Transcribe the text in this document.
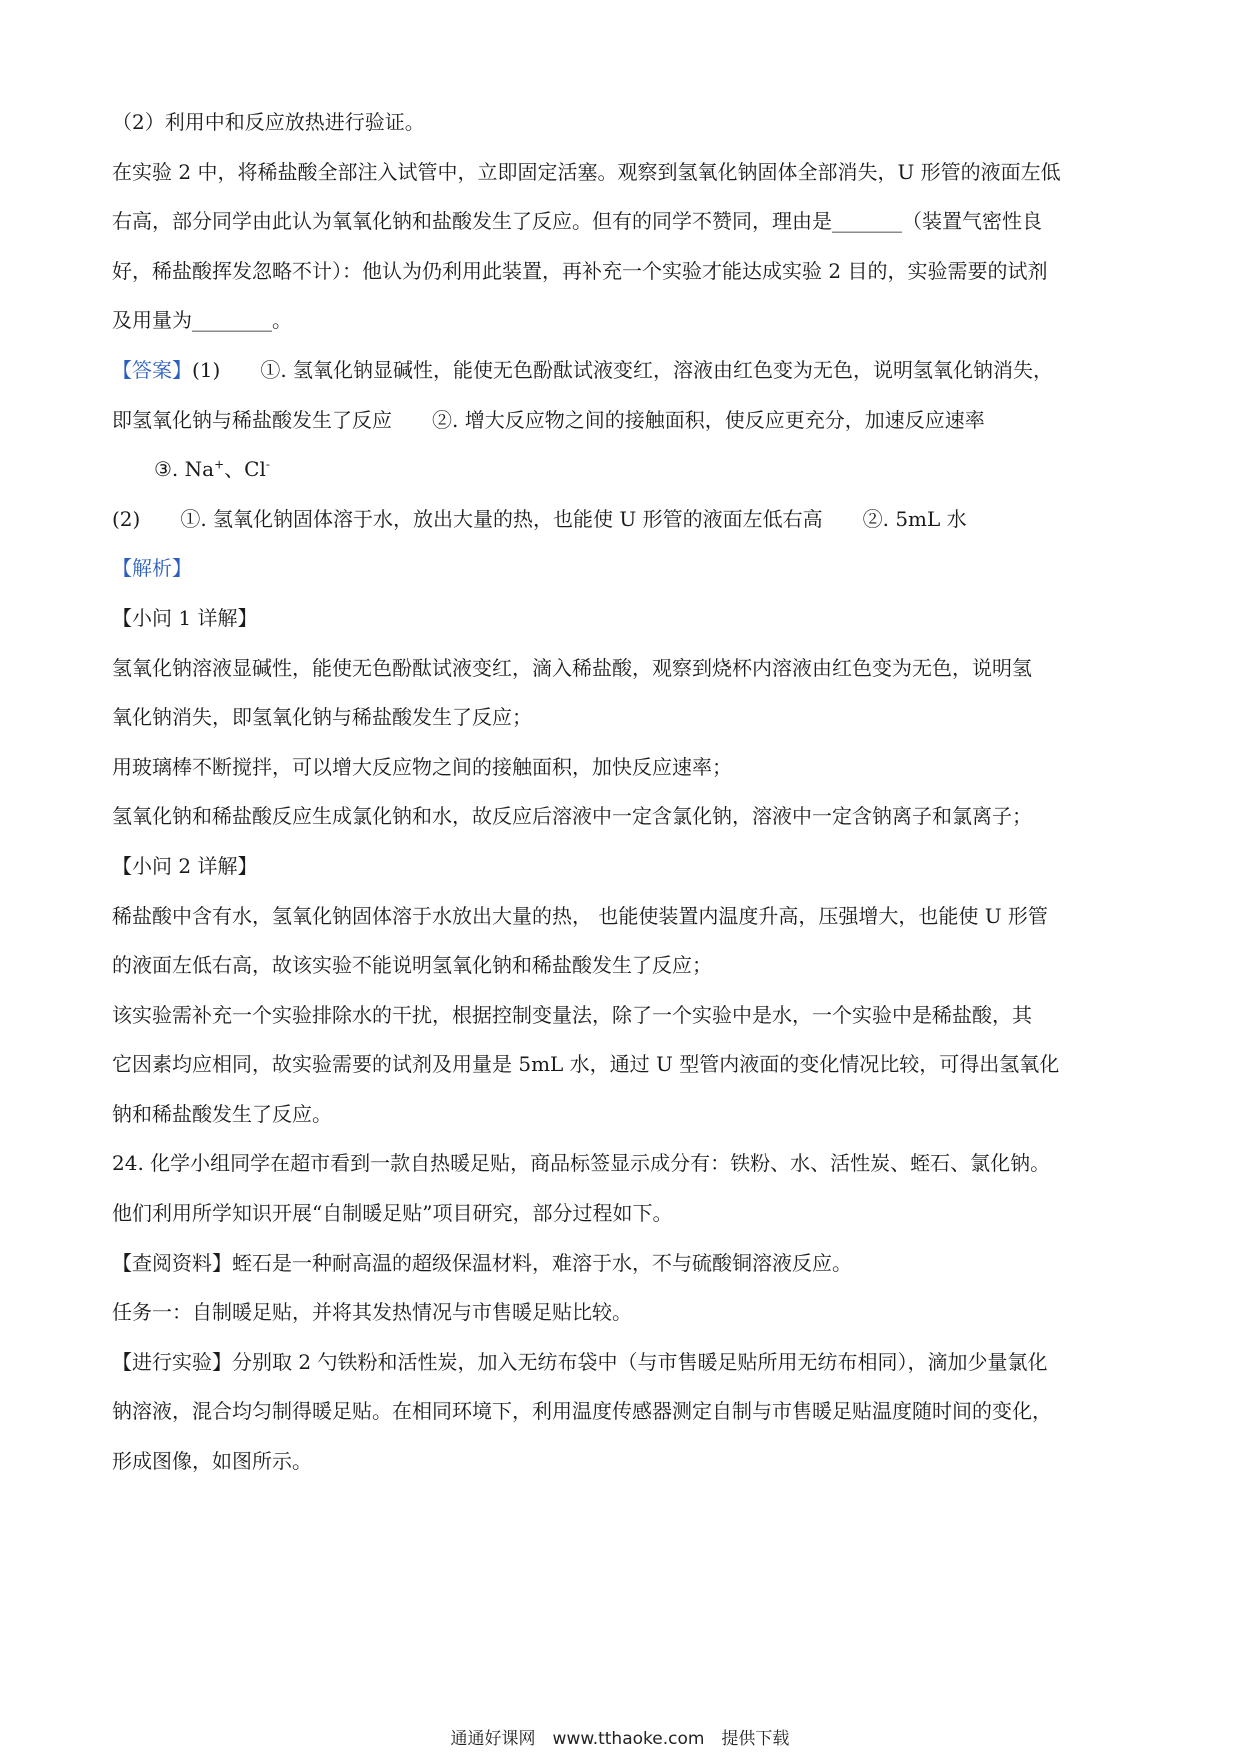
（2）利用中和反应放热进行验证。

在实验 2 中，将稀盐酸全部注入试管中，立即固定活塞。观察到氢氧化钠固体全部消失，U 形管的液面左低

右高，部分同学由此认为氧氧化钠和盐酸发生了反应。但有的同学不赞同，理由是_______（装置气密性良

好，稀盐酸挥发忽略不计）：他认为仍利用此装置，再补充一个实验才能达成实验 2 目的，实验需要的试剂

及用量为________。

【答案】(1)　　①. 氢氧化钠显碱性，能使无色酚酞试液变红，溶液由红色变为无色，说明氢氧化钠消失，

即氢氧化钠与稀盐酸发生了反应　　②. 增大反应物之间的接触面积，使反应更充分，加速反应速率

③. Na+、Cl-

(2)　　①. 氢氧化钠固体溶于水，放出大量的热，也能使 U 形管的液面左低右高　　②. 5mL 水

【解析】

【小问 1 详解】

氢氧化钠溶液显碱性，能使无色酚酞试液变红，滴入稀盐酸，观察到烧杯内溶液由红色变为无色，说明氢

氧化钠消失，即氢氧化钠与稀盐酸发生了反应；

用玻璃棒不断搅拌，可以增大反应物之间的接触面积，加快反应速率；

氢氧化钠和稀盐酸反应生成氯化钠和水，故反应后溶液中一定含氯化钠，溶液中一定含钠离子和氯离子；

【小问 2 详解】

稀盐酸中含有水，氢氧化钠固体溶于水放出大量的热， 也能使装置内温度升高，压强增大，也能使 U 形管

的液面左低右高，故该实验不能说明氢氧化钠和稀盐酸发生了反应；

该实验需补充一个实验排除水的干扰，根据控制变量法，除了一个实验中是水，一个实验中是稀盐酸，其

它因素均应相同，故实验需要的试剂及用量是 5mL 水，通过 U 型管内液面的变化情况比较，可得出氢氧化

钠和稀盐酸发生了反应。

24. 化学小组同学在超市看到一款自热暖足贴，商品标签显示成分有：铁粉、水、活性炭、蛭石、氯化钠。

他们利用所学知识开展“自制暖足贴”项目研究，部分过程如下。

【查阅资料】蛭石是一种耐高温的超级保温材料，难溶于水，不与硫酸铜溶液反应。

任务一：自制暖足贴，并将其发热情况与市售暖足贴比较。

【进行实验】分别取 2 勺铁粉和活性炭，加入无纺布袋中（与市售暖足贴所用无纺布相同），滴加少量氯化

钠溶液，混合均匀制得暖足贴。在相同环境下，利用温度传感器测定自制与市售暖足贴温度随时间的变化，

形成图像，如图所示。

通通好课网　www.tthaoke.com　提供下载
